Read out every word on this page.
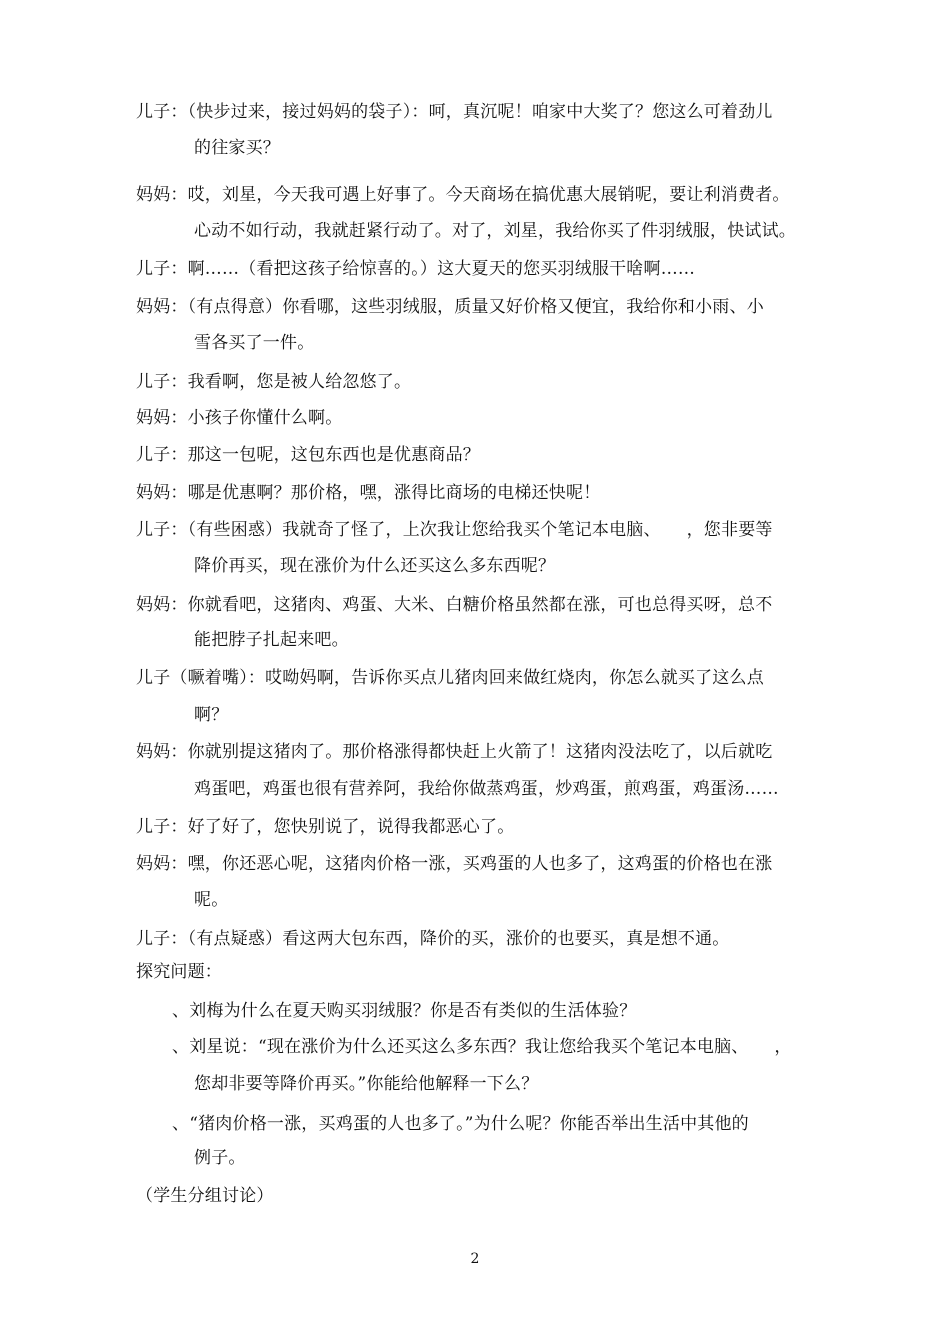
儿子：（快步过来，接过妈妈的袋子）：呵，真沉呢！咱家中大奖了？您这么可着劲儿
的往家买？
妈妈：哎，刘星，今天我可遇上好事了。今天商场在搞优惠大展销呢，要让利消费者。
心动不如行动，我就赶紧行动了。对了，刘星，我给你买了件羽绒服，快试试。
儿子：啊……（看把这孩子给惊喜的。）这大夏天的您买羽绒服干啥啊……
妈妈：（有点得意）你看哪，这些羽绒服，质量又好价格又便宜，我给你和小雨、小
雪各买了一件。
儿子：我看啊，您是被人给忽悠了。
妈妈：小孩子你懂什么啊。
儿子：那这一包呢，这包东西也是优惠商品？
妈妈：哪是优惠啊？那价格，嘿，涨得比商场的电梯还快呢！
儿子：（有些困惑）我就奇了怪了，上次我让您给我买个笔记本电脑、　　，您非要等
降价再买，现在涨价为什么还买这么多东西呢？
妈妈：你就看吧，这猪肉、鸡蛋、大米、白糖价格虽然都在涨，可也总得买呀，总不
能把脖子扎起来吧。
儿子（噘着嘴）：哎呦妈啊，告诉你买点儿猪肉回来做红烧肉，你怎么就买了这么点
啊？
妈妈：你就别提这猪肉了。那价格涨得都快赶上火箭了！这猪肉没法吃了，以后就吃
鸡蛋吧，鸡蛋也很有营养阿，我给你做蒸鸡蛋，炒鸡蛋，煎鸡蛋，鸡蛋汤……
儿子：好了好了，您快别说了，说得我都恶心了。
妈妈：嘿，你还恶心呢，这猪肉价格一涨，买鸡蛋的人也多了，这鸡蛋的价格也在涨
呢。
儿子：（有点疑惑）看这两大包东西，降价的买，涨价的也要买，真是想不通。
探究问题：
、刘梅为什么在夏天购买羽绒服？你是否有类似的生活体验？
、刘星说：“现在涨价为什么还买这么多东西？我让您给我买个笔记本电脑、　　，
您却非要等降价再买。”你能给他解释一下么？
、“猪肉价格一涨，买鸡蛋的人也多了。”为什么呢？你能否举出生活中其他的
例子。
（学生分组讨论）
2
